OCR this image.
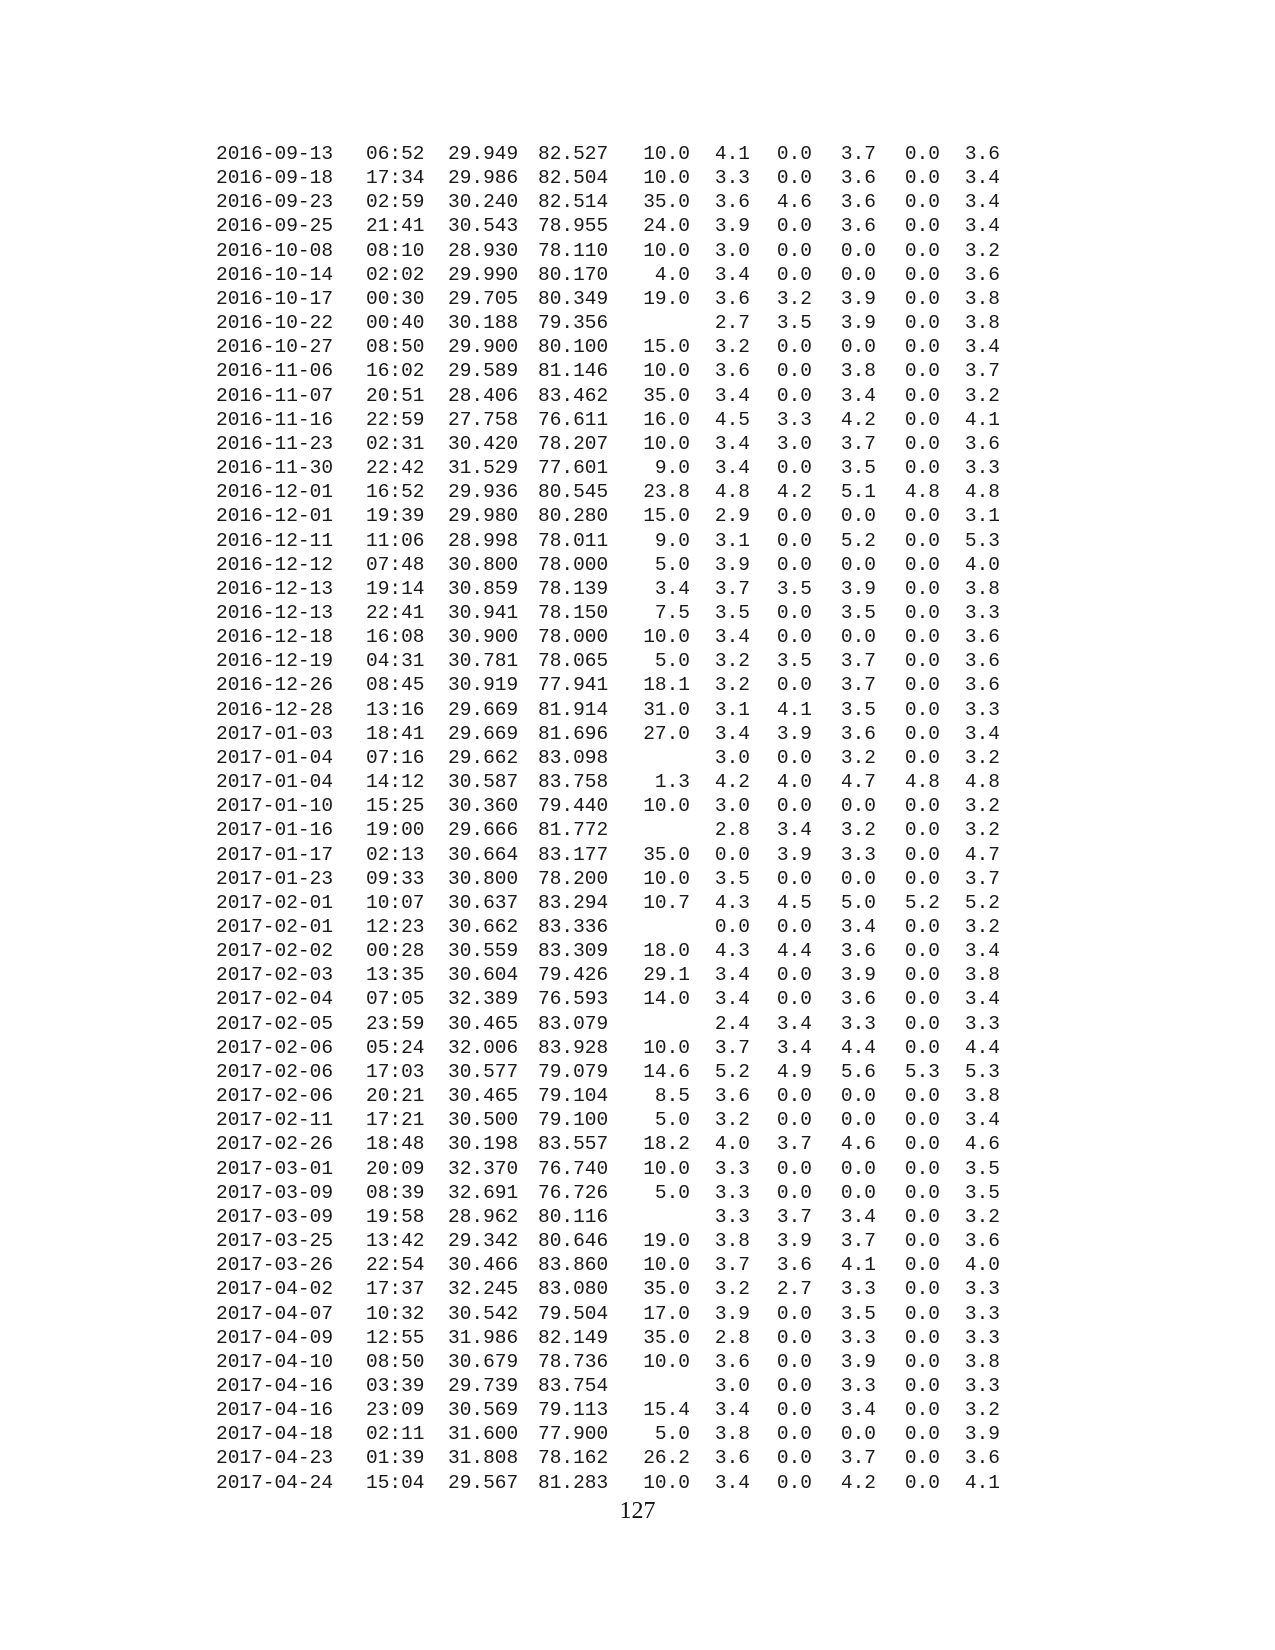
2016-09-13	06:52	29.949	82.527	10.0	4.1	0.0	3.7	0.0	3.6
2016-09-18	17:34	29.986	82.504	10.0	3.3	0.0	3.6	0.0	3.4
2016-09-23	02:59	30.240	82.514	35.0	3.6	4.6	3.6	0.0	3.4
2016-09-25	21:41	30.543	78.955	24.0	3.9	0.0	3.6	0.0	3.4
2016-10-08	08:10	28.930	78.110	10.0	3.0	0.0	0.0	0.0	3.2
2016-10-14	02:02	29.990	80.170	4.0	3.4	0.0	0.0	0.0	3.6
2016-10-17	00:30	29.705	80.349	19.0	3.6	3.2	3.9	0.0	3.8
2016-10-22	00:40	30.188	79.356		2.7	3.5	3.9	0.0	3.8
2016-10-27	08:50	29.900	80.100	15.0	3.2	0.0	0.0	0.0	3.4
2016-11-06	16:02	29.589	81.146	10.0	3.6	0.0	3.8	0.0	3.7
2016-11-07	20:51	28.406	83.462	35.0	3.4	0.0	3.4	0.0	3.2
2016-11-16	22:59	27.758	76.611	16.0	4.5	3.3	4.2	0.0	4.1
2016-11-23	02:31	30.420	78.207	10.0	3.4	3.0	3.7	0.0	3.6
2016-11-30	22:42	31.529	77.601	9.0	3.4	0.0	3.5	0.0	3.3
2016-12-01	16:52	29.936	80.545	23.8	4.8	4.2	5.1	4.8	4.8
2016-12-01	19:39	29.980	80.280	15.0	2.9	0.0	0.0	0.0	3.1
2016-12-11	11:06	28.998	78.011	9.0	3.1	0.0	5.2	0.0	5.3
2016-12-12	07:48	30.800	78.000	5.0	3.9	0.0	0.0	0.0	4.0
2016-12-13	19:14	30.859	78.139	3.4	3.7	3.5	3.9	0.0	3.8
2016-12-13	22:41	30.941	78.150	7.5	3.5	0.0	3.5	0.0	3.3
2016-12-18	16:08	30.900	78.000	10.0	3.4	0.0	0.0	0.0	3.6
2016-12-19	04:31	30.781	78.065	5.0	3.2	3.5	3.7	0.0	3.6
2016-12-26	08:45	30.919	77.941	18.1	3.2	0.0	3.7	0.0	3.6
2016-12-28	13:16	29.669	81.914	31.0	3.1	4.1	3.5	0.0	3.3
2017-01-03	18:41	29.669	81.696	27.0	3.4	3.9	3.6	0.0	3.4
2017-01-04	07:16	29.662	83.098		3.0	0.0	3.2	0.0	3.2
2017-01-04	14:12	30.587	83.758	1.3	4.2	4.0	4.7	4.8	4.8
2017-01-10	15:25	30.360	79.440	10.0	3.0	0.0	0.0	0.0	3.2
2017-01-16	19:00	29.666	81.772		2.8	3.4	3.2	0.0	3.2
2017-01-17	02:13	30.664	83.177	35.0	0.0	3.9	3.3	0.0	4.7
2017-01-23	09:33	30.800	78.200	10.0	3.5	0.0	0.0	0.0	3.7
2017-02-01	10:07	30.637	83.294	10.7	4.3	4.5	5.0	5.2	5.2
2017-02-01	12:23	30.662	83.336		0.0	0.0	3.4	0.0	3.2
2017-02-02	00:28	30.559	83.309	18.0	4.3	4.4	3.6	0.0	3.4
2017-02-03	13:35	30.604	79.426	29.1	3.4	0.0	3.9	0.0	3.8
2017-02-04	07:05	32.389	76.593	14.0	3.4	0.0	3.6	0.0	3.4
2017-02-05	23:59	30.465	83.079		2.4	3.4	3.3	0.0	3.3
2017-02-06	05:24	32.006	83.928	10.0	3.7	3.4	4.4	0.0	4.4
2017-02-06	17:03	30.577	79.079	14.6	5.2	4.9	5.6	5.3	5.3
2017-02-06	20:21	30.465	79.104	8.5	3.6	0.0	0.0	0.0	3.8
2017-02-11	17:21	30.500	79.100	5.0	3.2	0.0	0.0	0.0	3.4
2017-02-26	18:48	30.198	83.557	18.2	4.0	3.7	4.6	0.0	4.6
2017-03-01	20:09	32.370	76.740	10.0	3.3	0.0	0.0	0.0	3.5
2017-03-09	08:39	32.691	76.726	5.0	3.3	0.0	0.0	0.0	3.5
2017-03-09	19:58	28.962	80.116		3.3	3.7	3.4	0.0	3.2
2017-03-25	13:42	29.342	80.646	19.0	3.8	3.9	3.7	0.0	3.6
2017-03-26	22:54	30.466	83.860	10.0	3.7	3.6	4.1	0.0	4.0
2017-04-02	17:37	32.245	83.080	35.0	3.2	2.7	3.3	0.0	3.3
2017-04-07	10:32	30.542	79.504	17.0	3.9	0.0	3.5	0.0	3.3
2017-04-09	12:55	31.986	82.149	35.0	2.8	0.0	3.3	0.0	3.3
2017-04-10	08:50	30.679	78.736	10.0	3.6	0.0	3.9	0.0	3.8
2017-04-16	03:39	29.739	83.754		3.0	0.0	3.3	0.0	3.3
2017-04-16	23:09	30.569	79.113	15.4	3.4	0.0	3.4	0.0	3.2
2017-04-18	02:11	31.600	77.900	5.0	3.8	0.0	0.0	0.0	3.9
2017-04-23	01:39	31.808	78.162	26.2	3.6	0.0	3.7	0.0	3.6
2017-04-24	15:04	29.567	81.283	10.0	3.4	0.0	4.2	0.0	4.1
127
